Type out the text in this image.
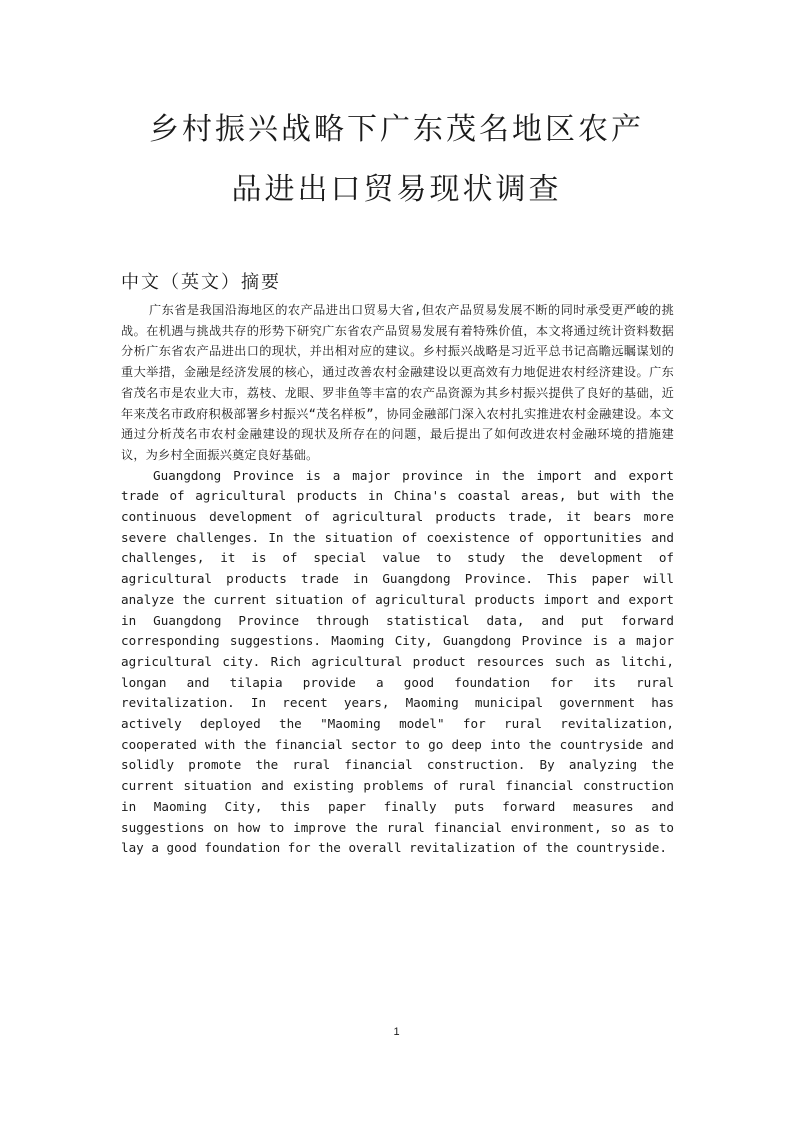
乡村振兴战略下广东茂名地区农产
品进出口贸易现状调查
中文（英文）摘要

广东省是我国沿海地区的农产品进出口贸易大省,但农产品贸易发展不断的同时承受更严峻的挑战。在机遇与挑战共存的形势下研究广东省农产品贸易发展有着特殊价值，本文将通过统计资料数据分析广东省农产品进出口的现状，并出相对应的建议。乡村振兴战略是习近平总书记高瞻远瞩谋划的重大举措，金融是经济发展的核心，通过改善农村金融建设以更高效有力地促进农村经济建设。广东省茂名市是农业大市，荔枝、龙眼、罗非鱼等丰富的农产品资源为其乡村振兴提供了良好的基础，近年来茂名市政府积极部署乡村振兴“茂名样板”，协同金融部门深入农村扎实推进农村金融建设。本文通过分析茂名市农村金融建设的现状及所存在的问题，最后提出了如何改进农村金融环境的措施建议，为乡村全面振兴奠定良好基础。

Guangdong Province is a major province in the import and export trade of agricultural products in China's coastal areas, but with the continuous development of agricultural products trade, it bears more severe challenges. In the situation of coexistence of opportunities and challenges, it is of special value to study the development of agricultural products trade in Guangdong Province. This paper will analyze the current situation of agricultural products import and export in Guangdong Province through statistical data, and put forward corresponding suggestions. Maoming City, Guangdong Province is a major agricultural city. Rich agricultural product resources such as litchi, longan and tilapia provide a good foundation for its rural revitalization. In recent years, Maoming municipal government has actively deployed the "Maoming model" for rural revitalization, cooperated with the financial sector to go deep into the countryside and solidly promote the rural financial construction. By analyzing the current situation and existing problems of rural financial construction in Maoming City, this paper finally puts forward measures and suggestions on how to improve the rural financial environment, so as to lay a good foundation for the overall revitalization of the countryside.

1
